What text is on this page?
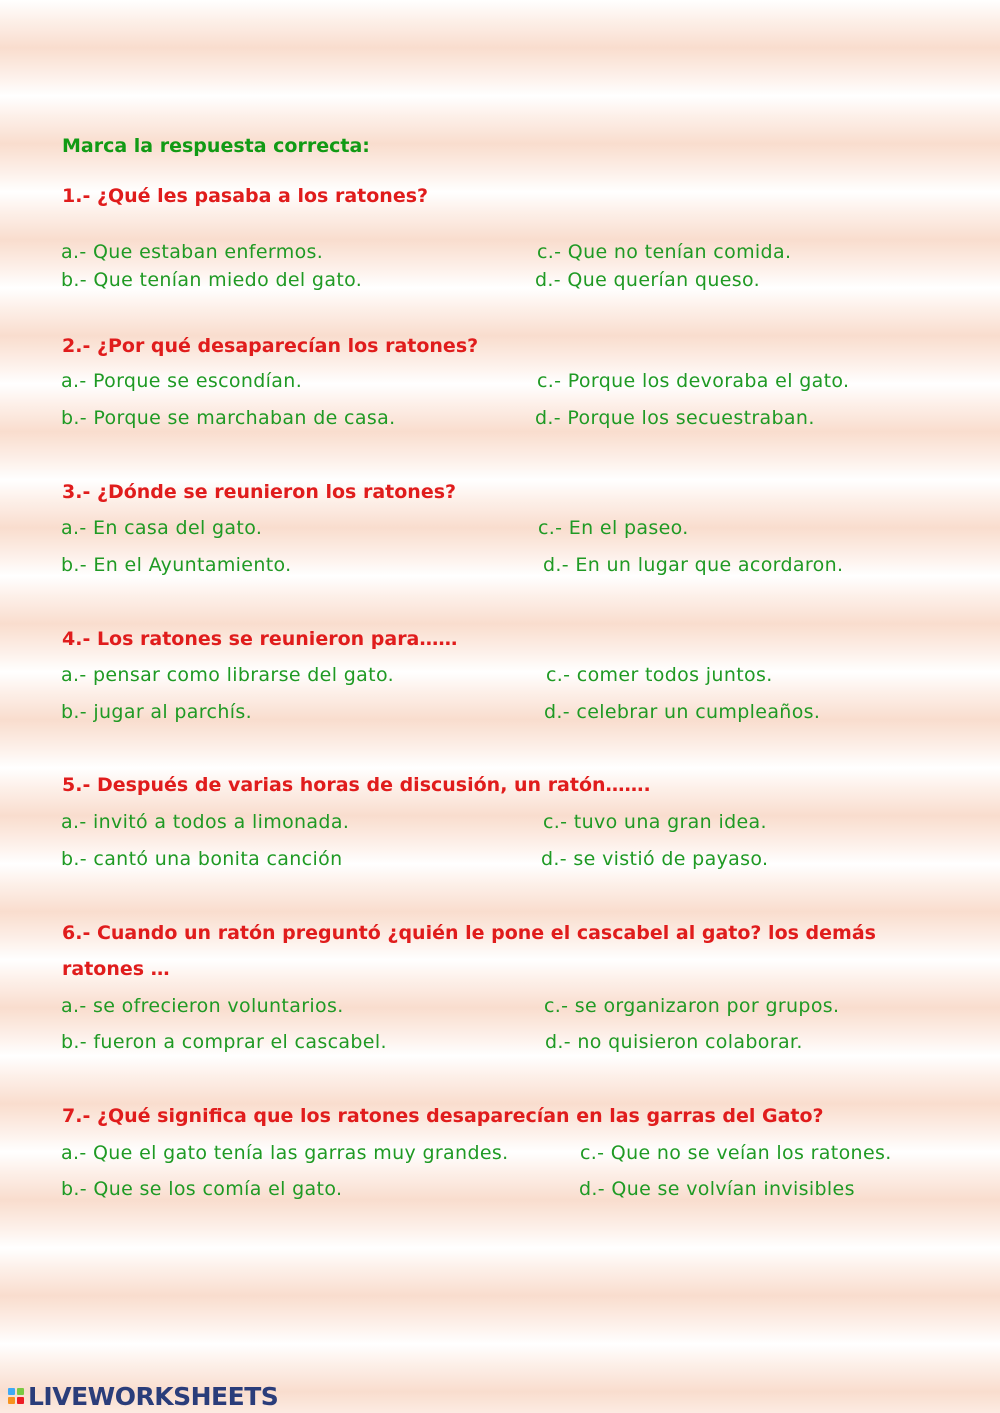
Marca la respuesta correcta:
1.- ¿Qué les pasaba a los ratones?
a.- Que estaban enfermos.	c.- Que no tenían comida.
b.- Que tenían miedo del gato.	d.- Que querían queso.
2.- ¿Por qué desaparecían los ratones?
a.- Porque se escondían.	c.- Porque los devoraba el gato.
b.- Porque se marchaban de casa.	d.- Porque los secuestraban.
3.- ¿Dónde se reunieron los ratones?
a.- En casa del gato.	c.- En el paseo.
b.- En el Ayuntamiento.	d.- En un lugar que acordaron.
4.- Los ratones se reunieron para……
a.- pensar como librarse del gato.	c.- comer todos juntos.
b.- jugar al parchís.	d.- celebrar un cumpleaños.
5.- Después de varias horas de discusión, un ratón…….
a.- invitó a todos a limonada.	c.- tuvo una gran idea.
b.- cantó una bonita canción	d.- se vistió de payaso.
6.- Cuando un ratón preguntó ¿quién le pone el cascabel al gato? los demás
ratones …
a.- se ofrecieron voluntarios.	c.- se organizaron por grupos.
b.- fueron a comprar el cascabel.	d.- no quisieron colaborar.
7.- ¿Qué significa que los ratones desaparecían en las garras del Gato?
a.- Que el gato tenía las garras muy grandes.	c.- Que no se veían los ratones.
b.- Que se los comía el gato.	d.- Que se volvían invisibles
LIVEWORKSHEETS
